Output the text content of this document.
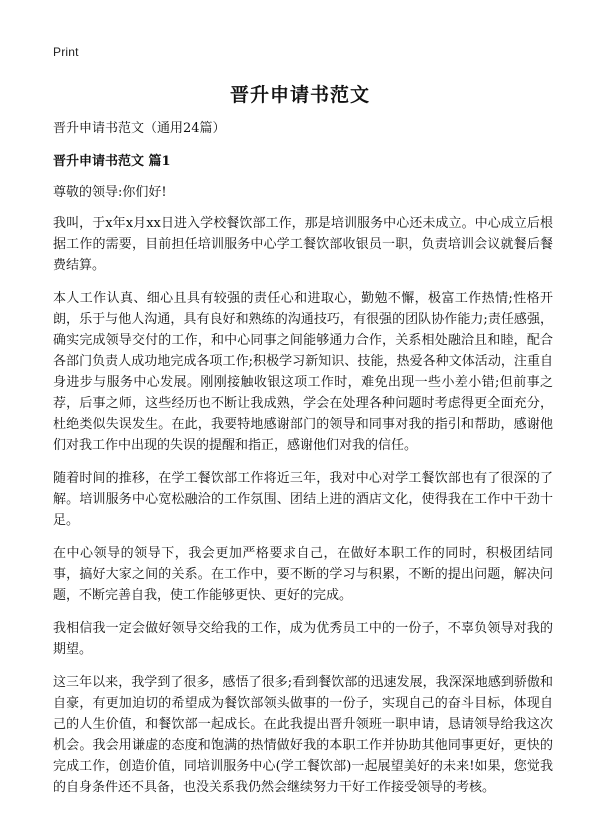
Print
晋升申请书范文

晋升申请书范文（通用24篇）

晋升申请书范文 篇1

尊敬的领导:你们好!

我叫，于x年x月xx日进入学校餐饮部工作，那是培训服务中心还未成立。中心成立后根据工作的需要，目前担任培训服务中心学工餐饮部收银员一职，负责培训会议就餐后餐费结算。

本人工作认真、细心且具有较强的责任心和进取心，勤勉不懈，极富工作热情;性格开朗，乐于与他人沟通，具有良好和熟练的沟通技巧，有很强的团队协作能力;责任感强，确实完成领导交付的工作，和中心同事之间能够通力合作，关系相处融洽且和睦，配合各部门负责人成功地完成各项工作;积极学习新知识、技能，热爱各种文体活动，注重自身进步与服务中心发展。刚刚接触收银这项工作时，难免出现一些小差小错;但前事之荐，后事之师，这些经历也不断让我成熟，学会在处理各种问题时考虑得更全面充分，杜绝类似失误发生。在此，我要特地感谢部门的领导和同事对我的指引和帮助，感谢他们对我工作中出现的失误的提醒和指正，感谢他们对我的信任。

随着时间的推移，在学工餐饮部工作将近三年，我对中心对学工餐饮部也有了很深的了解。培训服务中心宽松融洽的工作氛围、团结上进的酒店文化，使得我在工作中干劲十足。

在中心领导的领导下，我会更加严格要求自己，在做好本职工作的同时，积极团结同事，搞好大家之间的关系。在工作中，要不断的学习与积累，不断的提出问题，解决问题，不断完善自我，使工作能够更快、更好的完成。

我相信我一定会做好领导交给我的工作，成为优秀员工中的一份子，不辜负领导对我的期望。

这三年以来，我学到了很多，感悟了很多;看到餐饮部的迅速发展，我深深地感到骄傲和自豪，有更加迫切的希望成为餐饮部领头做事的一份子，实现自己的奋斗目标，体现自己的人生价值，和餐饮部一起成长。在此我提出晋升领班一职申请，恳请领导给我这次机会。我会用谦虚的态度和饱满的热情做好我的本职工作并协助其他同事更好，更快的完成工作，创造价值，同培训服务中心(学工餐饮部)一起展望美好的未来!如果，您觉我的自身条件还不具备，也没关系我仍然会继续努力干好工作接受领导的考核。
